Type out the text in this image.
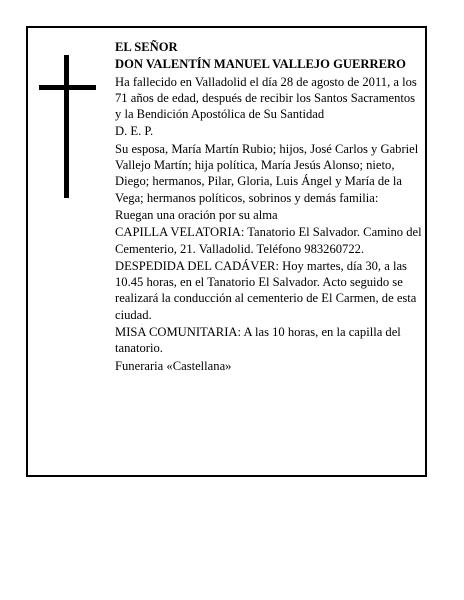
EL SEÑOR

DON VALENTÍN MANUEL VALLEJO GUERRERO

Ha fallecido en Valladolid el día 28 de agosto de 2011, a los 71 años de edad, después de recibir los Santos Sacramentos y la Bendición Apostólica de Su Santidad

D. E. P.

Su esposa, María Martín Rubio; hijos, José Carlos y Gabriel Vallejo Martín; hija política, María Jesús Alonso; nieto, Diego; hermanos, Pilar, Gloria, Luis Ángel y María de la Vega; hermanos políticos, sobrinos y demás familia:

Ruegan una oración por su alma

CAPILLA VELATORIA: Tanatorio El Salvador. Camino del Cementerio, 21. Valladolid. Teléfono 983260722.

DESPEDIDA DEL CADÁVER: Hoy martes, día 30, a las 10.45 horas, en el Tanatorio El Salvador. Acto seguido se realizará la conducción al cementerio de El Carmen, de esta ciudad.

MISA COMUNITARIA: A las 10 horas, en la capilla del tanatorio.

Funeraria «Castellana»
